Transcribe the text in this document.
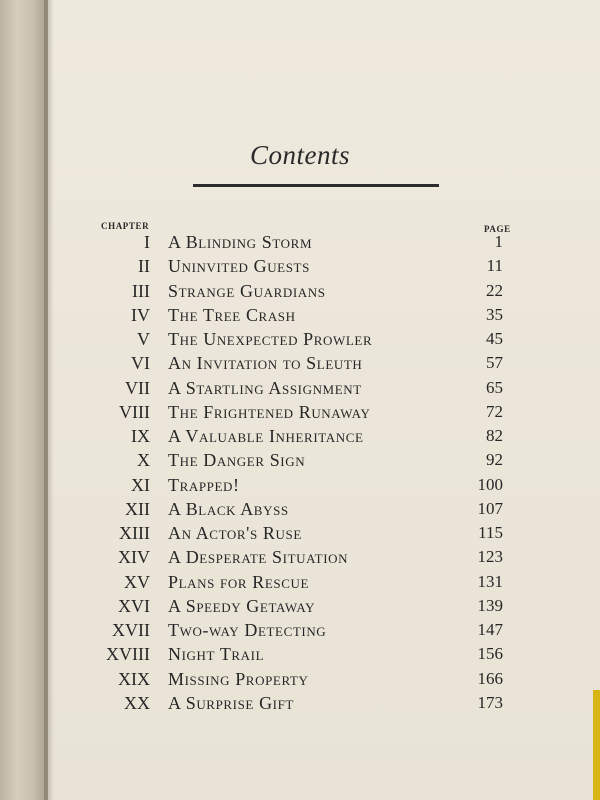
Contents
CHAPTER	PAGE
I A Blinding Storm	1
II Uninvited Guests	11
III Strange Guardians	22
IV The Tree Crash	35
V The Unexpected Prowler	45
VI An Invitation to Sleuth	57
VII A Startling Assignment	65
VIII The Frightened Runaway	72
IX A Valuable Inheritance	82
X The Danger Sign	92
XI Trapped!	100
XII A Black Abyss	107
XIII An Actor's Ruse	115
XIV A Desperate Situation	123
XV Plans for Rescue	131
XVI A Speedy Getaway	139
XVII Two-way Detecting	147
XVIII Night Trail	156
XIX Missing Property	166
XX A Surprise Gift	173
